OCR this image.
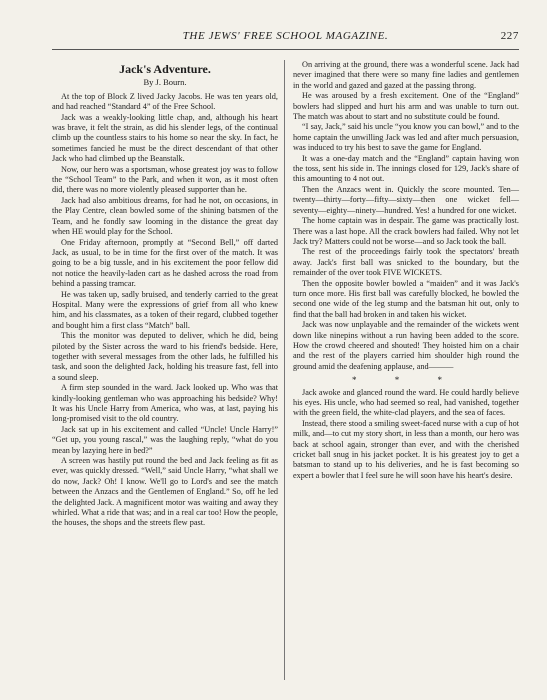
THE JEWS' FREE SCHOOL MAGAZINE.	227
Jack's Adventure.
By J. Bourn.

At the top of Block Z lived Jacky Jacobs. He was ten years old, and had reached “Standard 4” of the Free School.

Jack was a weakly-looking little chap, and, although his heart was brave, it felt the strain, as did his slender legs, of the continual climb up the countless stairs to his home so near the sky. In fact, he sometimes fancied he must be the direct descendant of that other Jack who had climbed up the Beanstalk.

Now, our hero was a sportsman, whose greatest joy was to follow the “School Team” to the Park, and when it won, as it most often did, there was no more violently pleased supporter than he.

Jack had also ambitious dreams, for had he not, on occasions, in the Play Centre, clean bowled some of the shining batsmen of the Team, and he fondly saw looming in the distance the great day when HE would play for the School.

One Friday afternoon, promptly at “Second Bell,” off darted Jack, as usual, to be in time for the first over of the match. It was going to be a big tussle, and in his excitement the poor fellow did not notice the heavily-laden cart as he dashed across the road from behind a passing tramcar.

He was taken up, sadly bruised, and tenderly carried to the great Hospital. Many were the expressions of grief from all who knew him, and his classmates, as a token of their regard, clubbed together and bought him a first class “Match” ball.

This the monitor was deputed to deliver, which he did, being piloted by the Sister across the ward to his friend's bedside. Here, together with several messages from the other lads, he fulfilled his task, and soon the delighted Jack, holding his treasure fast, fell into a sound sleep.

A firm step sounded in the ward. Jack looked up. Who was that kindly-looking gentleman who was approaching his bedside? Why! It was his Uncle Harry from America, who was, at last, paying his long-promised visit to the old country.

Jack sat up in his excitement and called “Uncle! Uncle Harry!” “Get up, you young rascal,” was the laughing reply, “what do you mean by lazying here in bed?”

A screen was hastily put round the bed and Jack feeling as fit as ever, was quickly dressed. “Well,” said Uncle Harry, “what shall we do now, Jack? Oh! I know. We'll go to Lord's and see the match between the Anzacs and the Gentlemen of England.” So, off he led the delighted Jack. A magnificent motor was waiting and away they whirled. What a ride that was; and in a real car too! How the people, the houses, the shops and the streets flew past.

On arriving at the ground, there was a wonderful scene. Jack had never imagined that there were so many fine ladies and gentlemen in the world and gazed and gazed at the passing throng.

He was aroused by a fresh excitement. One of the “England” bowlers had slipped and hurt his arm and was unable to turn out. The match was about to start and no substitute could be found.

“I say, Jack,” said his uncle “you know you can bowl,” and to the home captain the unwilling Jack was led and after much persuasion, was induced to try his best to save the game for England.

It was a one-day match and the “England” captain having won the toss, sent his side in. The innings closed for 129, Jack's share of this amounting to 4 not out.

Then the Anzacs went in. Quickly the score mounted. Ten—twenty—thirty—forty—fifty—sixty—then one wicket fell—seventy—eighty—ninety—hundred. Yes! a hundred for one wicket.

The home captain was in despair. The game was practically lost. There was a last hope. All the crack bowlers had failed. Why not let Jack try? Matters could not be worse—and so Jack took the ball.

The rest of the proceedings fairly took the spectators' breath away. Jack's first ball was snicked to the boundary, but the remainder of the over took FIVE WICKETS.

Then the opposite bowler bowled a “maiden” and it was Jack's turn once more. His first ball was carefully blocked, he bowled the second one wide of the leg stump and the batsman hit out, only to find that the ball had broken in and taken his wicket.

Jack was now unplayable and the remainder of the wickets went down like ninepins without a run having been added to the score. How the crowd cheered and shouted! They hoisted him on a chair and the rest of the players carried him shoulder high round the ground amid the deafening applause, and———

* * *

Jack awoke and glanced round the ward. He could hardly believe his eyes. His uncle, who had seemed so real, had vanished, together with the green field, the white-clad players, and the sea of faces.

Instead, there stood a smiling sweet-faced nurse with a cup of hot milk, and—to cut my story short, in less than a month, our hero was back at school again, stronger than ever, and with the cherished cricket ball snug in his jacket pocket. It is his greatest joy to get a batsman to stand up to his deliveries, and he is fast becoming so expert a bowler that I feel sure he will soon have his heart's desire.
